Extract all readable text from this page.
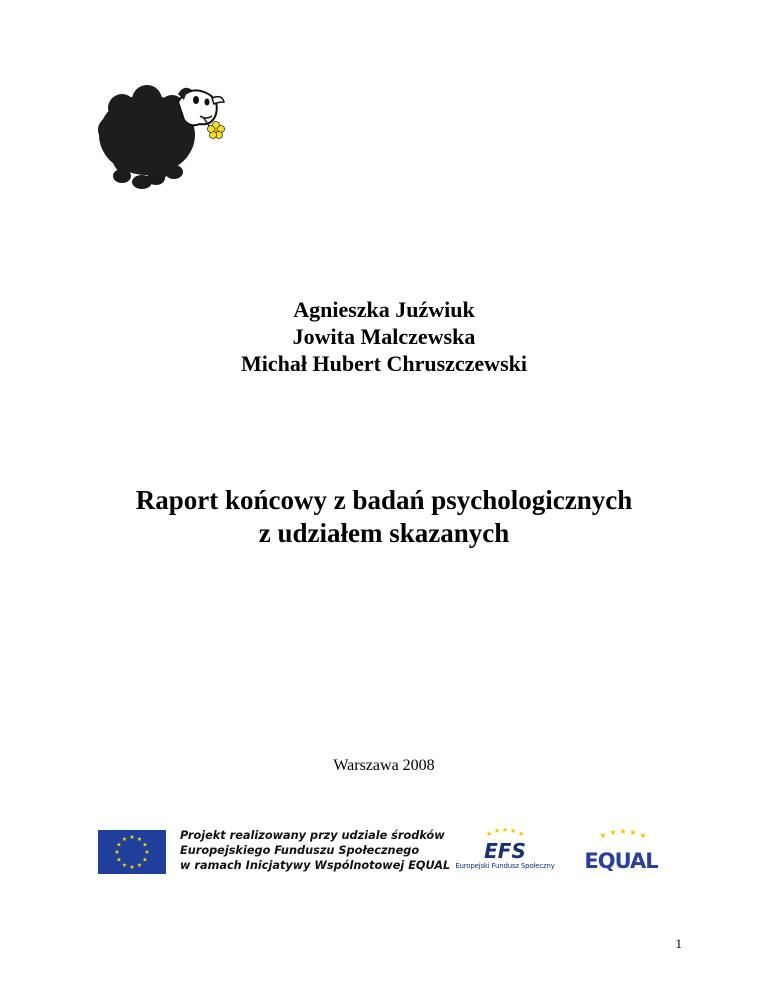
Agnieszka Juźwiuk
Jowita Malczewska
Michał Hubert Chruszczewski
Raport końcowy z badań psychologicznych
z udziałem skazanych
Warszawa 2008
★ ★
★
★
★
★
★
★
★
★
★
★	Projekt realizowany przy udziale środków
Europejskiego Funduszu Społecznego
w ramach Inicjatywy Wspólnotowej EQUAL
★ ★ ★ ★ ★
EFS
Europejski Fundusz Społeczny
★ ★ ★ ★ ★
EQUAL
1
